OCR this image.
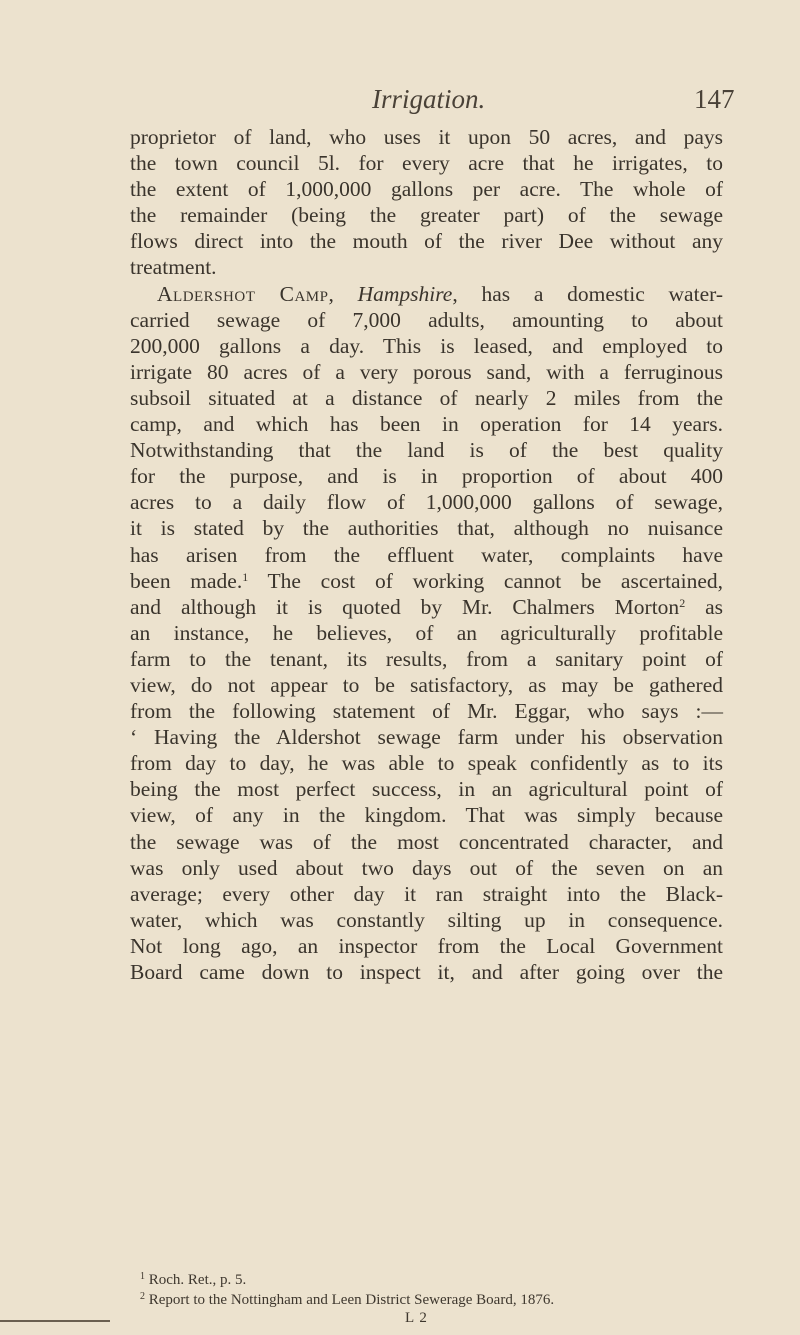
Irrigation.	147
proprietor of land, who uses it upon 50 acres, and pays
the town council 5l. for every acre that he irrigates, to
the extent of 1,000,000 gallons per acre. The whole of
the remainder (being the greater part) of the sewage
flows direct into the mouth of the river Dee without any
treatment.
Aldershot Camp, Hampshire, has a domestic water-
carried sewage of 7,000 adults, amounting to about
200,000 gallons a day. This is leased, and employed to
irrigate 80 acres of a very porous sand, with a ferruginous
subsoil situated at a distance of nearly 2 miles from the
camp, and which has been in operation for 14 years.
Notwithstanding that the land is of the best quality
for the purpose, and is in proportion of about 400
acres to a daily flow of 1,000,000 gallons of sewage,
it is stated by the authorities that, although no nuisance
has arisen from the effluent water, complaints have
been made.$^1$ The cost of working cannot be ascertained,
and although it is quoted by Mr. Chalmers Morton$^2$ as
an instance, he believes, of an agriculturally profitable
farm to the tenant, its results, from a sanitary point of
view, do not appear to be satisfactory, as may be gathered
from the following statement of Mr. Eggar, who says :—
‘ Having the Aldershot sewage farm under his observation
from day to day, he was able to speak confidently as to its
being the most perfect success, in an agricultural point of
view, of any in the kingdom. That was simply because
the sewage was of the most concentrated character, and
was only used about two days out of the seven on an
average; every other day it ran straight into the Black-
water, which was constantly silting up in consequence.
Not long ago, an inspector from the Local Government
Board came down to inspect it, and after going over the
$^1$ Roch. Ret., p. 5.
$^2$ Report to the Nottingham and Leen District Sewerage Board, 1876.
L 2
